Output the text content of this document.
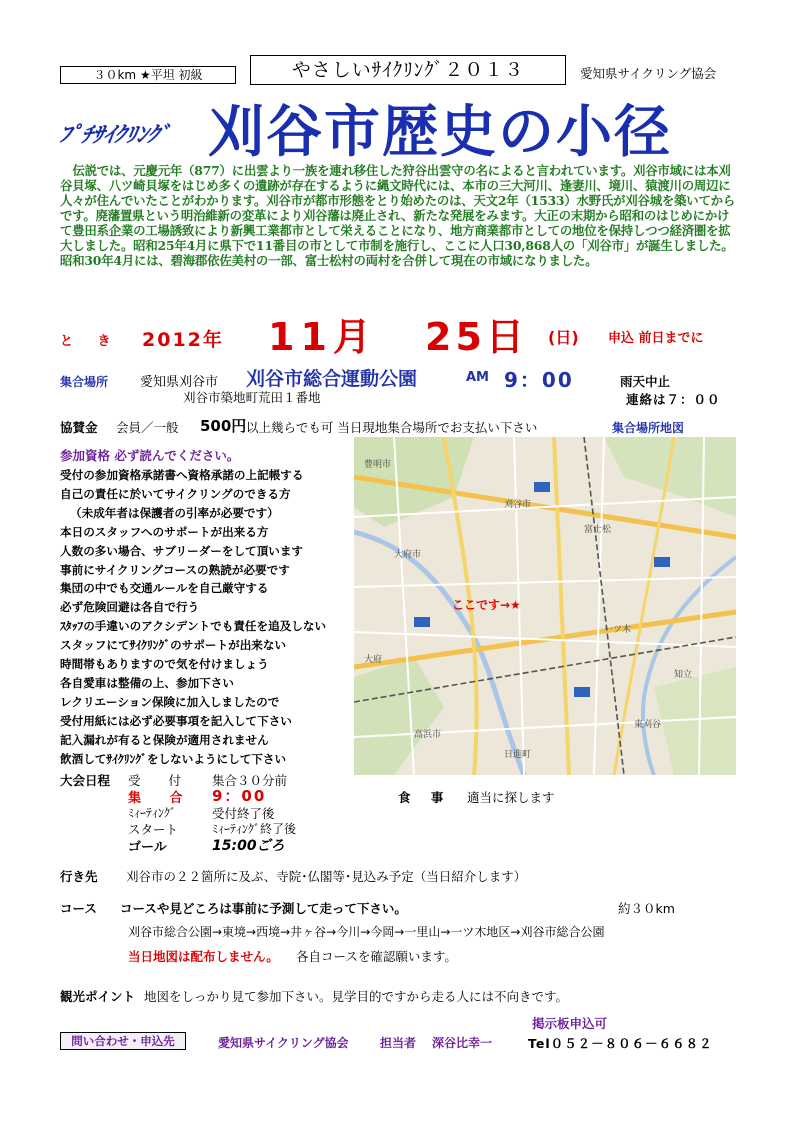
３０km ★平坦 初級	やさしいｻｲｸﾘﾝｸﾞ２０１３	愛知県サイクリング協会
ﾌﾟﾁｻｲｸﾘﾝｸﾞ 刈谷市歴史の小径
伝説では、元慶元年（877）に出雲より一族を連れ移住した狩谷出雲守の名によると言われています。刈谷市域には本刈谷貝塚、八ツ崎貝塚をはじめ多くの遺跡が存在するように縄文時代には、本市の三大河川、逢妻川、境川、猿渡川の周辺に人々が住んでいたことがわかります。刈谷市が都市形態をとり始めたのは、天文2年（1533）水野氏が刈谷城を築いてからです。廃藩置県という明治維新の変革により刈谷藩は廃止され、新たな発展をみます。大正の末期から昭和のはじめにかけて豊田系企業の工場誘致により新興工業都市として栄えることになり、地方商業都市としての地位を保持しつつ経済圏を拡大しました。昭和25年4月に県下で11番目の市として市制を施行し、ここに人口30,868人の「刈谷市」が誕生しました。昭和30年4月には、碧海郡依佐美村の一部、富士松村の両村を合併して現在の市域になりました。
と き 2012年 11月 25日 (日) 申込 前日までに
集合場所 愛知県刈谷市 刈谷市総合運動公園
刈谷市築地町荒田１番地
AM 9：00	雨天中止
連絡は７：００
協賛金 会員／一般 500円 以上幾らでも可 当日現地集合場所でお支払い下さい	集合場所地図
参加資格 必ず読んでください。
受付の参加資格承諾書へ資格承諾の上記帳する
自己の責任に於いてサイクリングのできる方
（未成年者は保護者の引率が必要です）
本日のスタッフへのサポートが出来る方
人数の多い場合、サブリーダーをして頂います
事前にサイクリングコースの熟読が必要です
集団の中でも交通ルールを自己厳守する
必ず危険回避は各自で行う
ｽﾀｯﾌの手違いのアクシデントでも責任を追及しない
スタッフにてｻｲｸﾘﾝｸﾞのサポートが出来ない
時間帯もありますので気を付けましょう
各自愛車は整備の上、参加下さい
レクリエーション保険に加入しましたので
受付用紙には必ず必要事項を記入して下さい
記入漏れが有ると保険が適用されません
飲酒してｻｲｸﾘﾝｸﾞをしないようにして下さい
大府市
刈谷市
知立
豊明市
大府
日進町
一ツ木
富士松
東刈谷
高浜市
ここです→★
大会日程 受 付 集合３０分前
集 合 9：00
ﾐｨｰﾃｨﾝｸﾞ	受付終了後
スタート	ﾐｨｰﾃｨﾝｸﾞ終了後
ゴール	15:00ごろ
食 事 適当に探します
行き先 刈谷市の２２箇所に及ぶ、寺院･仏閣等･見込み予定（当日紹介します）
コース コースや見どころは事前に予測して走って下さい。	約３０km
刈谷市総合公園→東境→西境→井ヶ谷→今川→今岡→一里山→一ツ木地区→刈谷市総合公園
当日地図は配布しません。 各自コースを確認願います。
観光ポイント 地図をしっかり見て参加下さい。見学目的ですから走る人には不向きです。
掲示板申込可
問い合わせ・申込先	愛知県サイクリング協会	担当者 深谷比幸一	Tel０５２－８０６－６６８２
